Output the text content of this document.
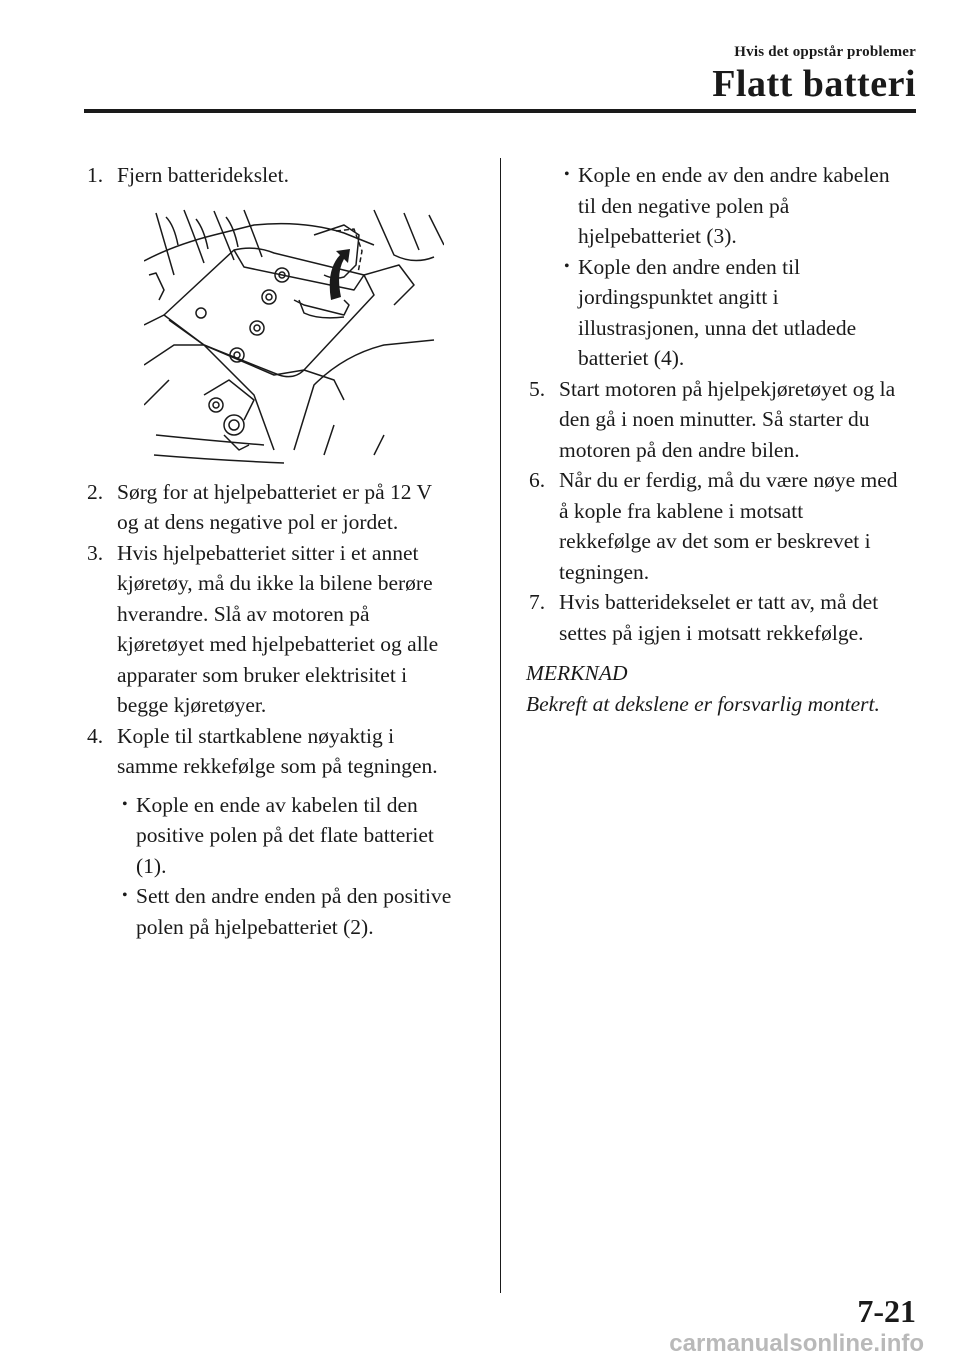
Hvis det oppstår problemer
Flatt batteri
1. Fjern batteridekslet.
2. Sørg for at hjelpebatteriet er på 12 V
og at dens negative pol er jordet.
3. Hvis hjelpebatteriet sitter i et annet
kjøretøy, må du ikke la bilene berøre
hverandre. Slå av motoren på
kjøretøyet med hjelpebatteriet og alle
apparater som bruker elektrisitet i
begge kjøretøyer.
4. Kople til startkablene nøyaktig i
samme rekkefølge som på tegningen.
• Kople en ende av kabelen til den
positive polen på det flate batteriet
(1).
• Sett den andre enden på den positive
polen på hjelpebatteriet (2).
• Kople en ende av den andre kabelen
til den negative polen på
hjelpebatteriet (3).
• Kople den andre enden til
jordingspunktet angitt i
illustrasjonen, unna det utladede
batteriet (4).
5. Start motoren på hjelpekjøretøyet og la
den gå i noen minutter. Så starter du
motoren på den andre bilen.
6. Når du er ferdig, må du være nøye med
å kople fra kablene i motsatt
rekkefølge av det som er beskrevet i
tegningen.
7. Hvis batteridekselet er tatt av, må det
settes på igjen i motsatt rekkefølge.
MERKNAD
Bekreft at dekslene er forsvarlig montert.
7-21
carmanualsonline.info
